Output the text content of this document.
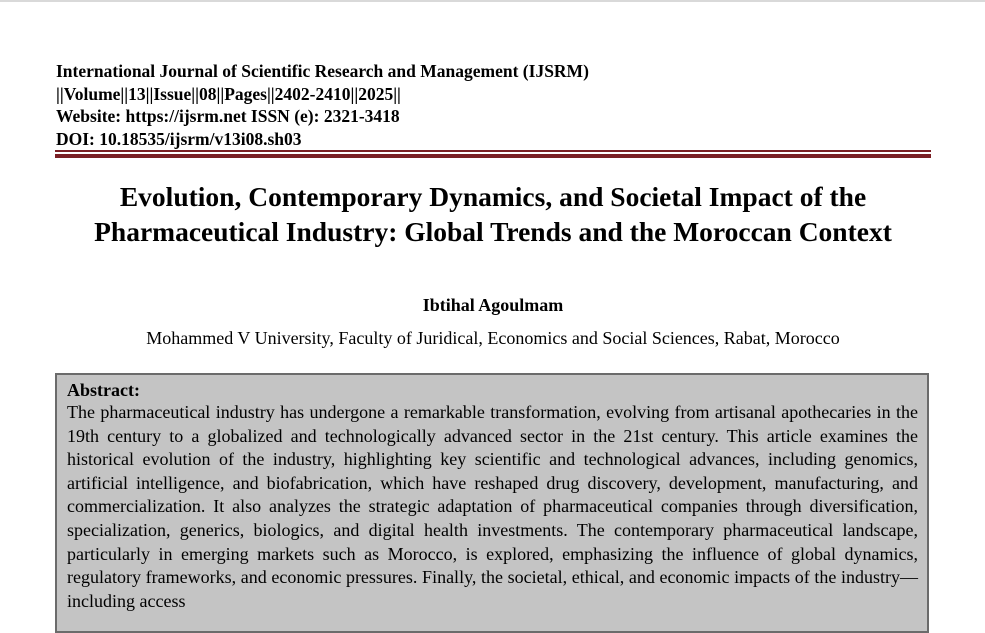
International Journal of Scientific Research and Management (IJSRM)
||Volume||13||Issue||08||Pages||2402-2410||2025||
Website: https://ijsrm.net ISSN (e): 2321-3418
DOI: 10.18535/ijsrm/v13i08.sh03
Evolution, Contemporary Dynamics, and Societal Impact of the Pharmaceutical Industry: Global Trends and the Moroccan Context
Ibtihal Agoulmam
Mohammed V University, Faculty of Juridical, Economics and Social Sciences, Rabat, Morocco
Abstract:

The pharmaceutical industry has undergone a remarkable transformation, evolving from artisanal apothecaries in the 19th century to a globalized and technologically advanced sector in the 21st century. This article examines the historical evolution of the industry, highlighting key scientific and technological advances, including genomics, artificial intelligence, and biofabrication, which have reshaped drug discovery, development, manufacturing, and commercialization. It also analyzes the strategic adaptation of pharmaceutical companies through diversification, specialization, generics, biologics, and digital health investments. The contemporary pharmaceutical landscape, particularly in emerging markets such as Morocco, is explored, emphasizing the influence of global dynamics, regulatory frameworks, and economic pressures. Finally, the societal, ethical, and economic impacts of the industry—including access
